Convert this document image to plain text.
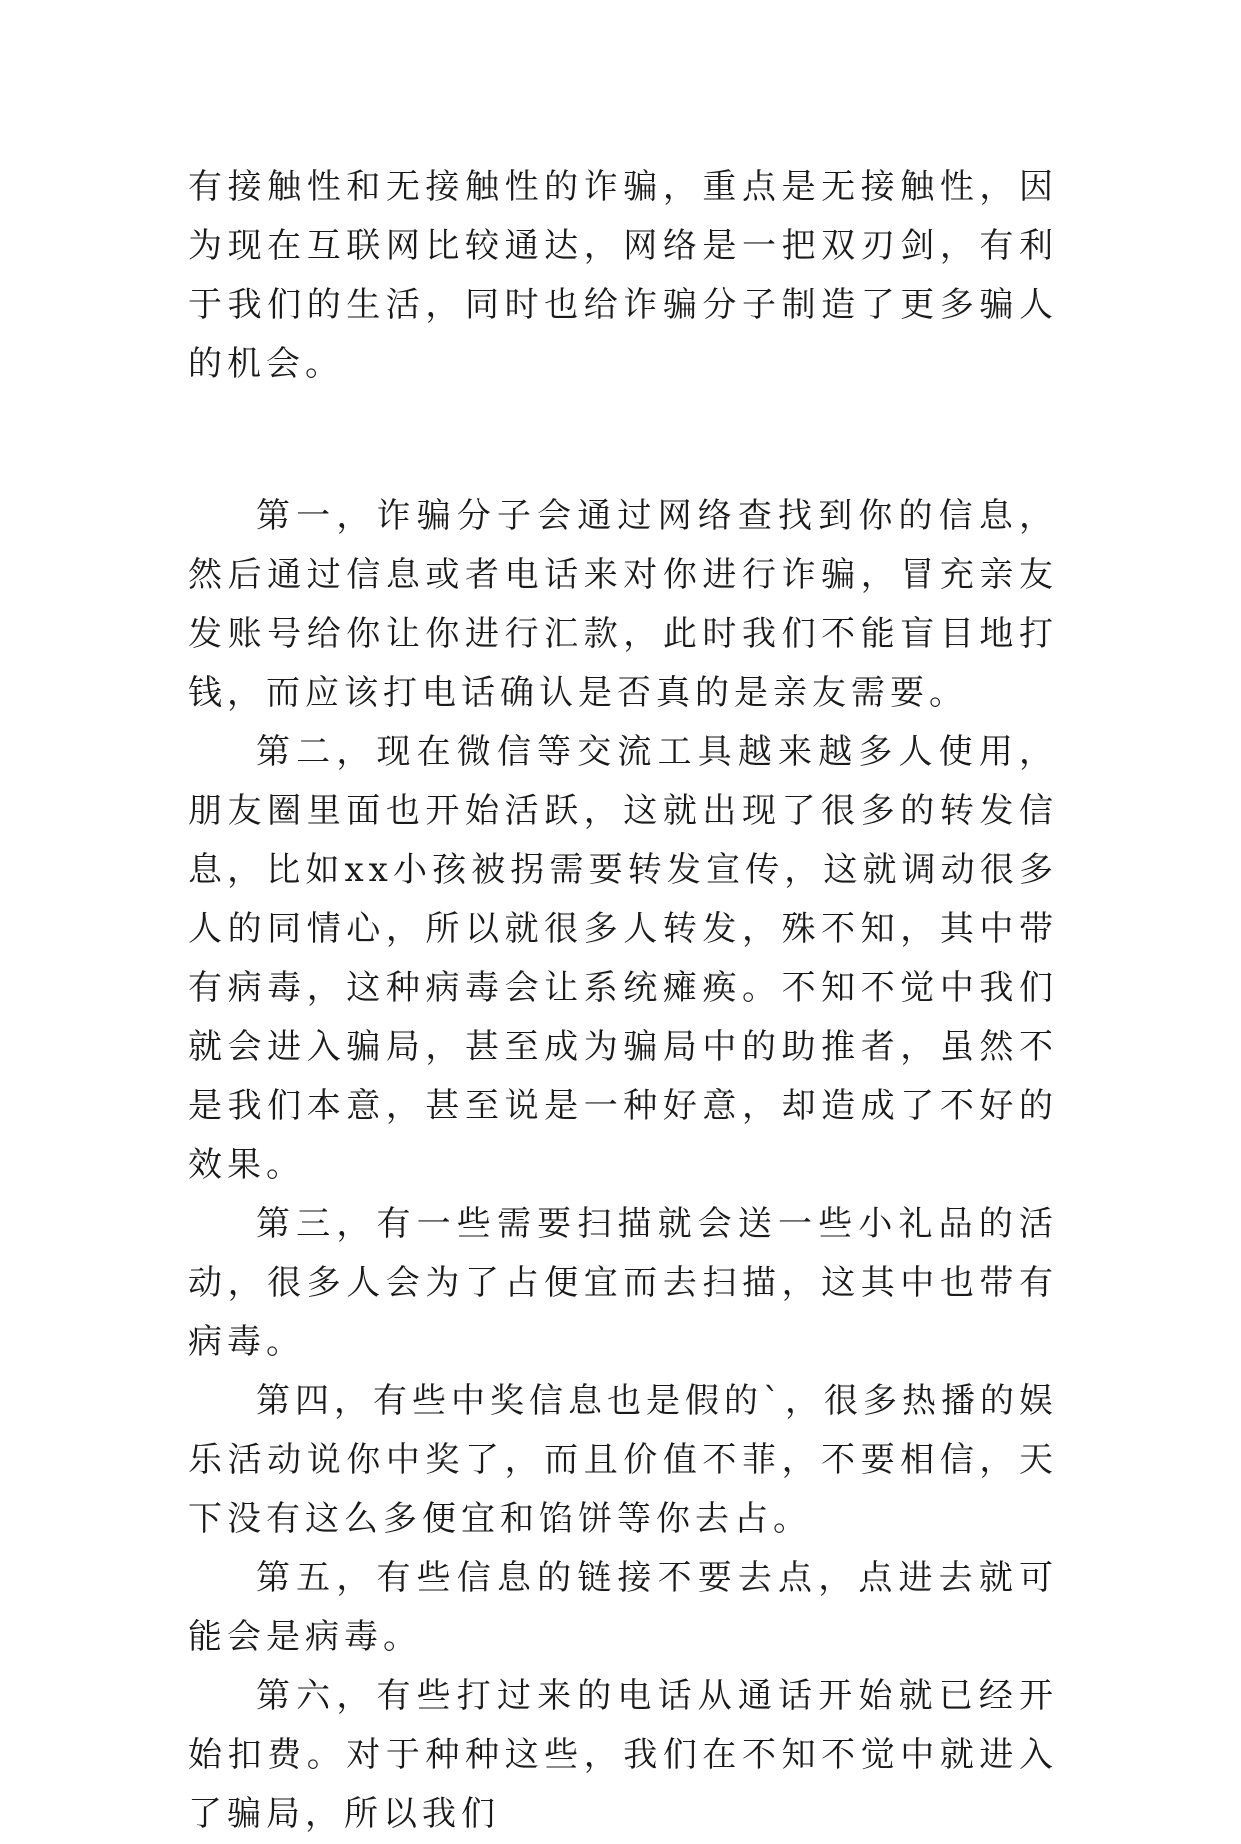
有接触性和无接触性的诈骗，重点是无接触性，因为现在互联网比较通达，网络是一把双刃剑，有利于我们的生活，同时也给诈骗分子制造了更多骗人的机会。

第一，诈骗分子会通过网络查找到你的信息，然后通过信息或者电话来对你进行诈骗，冒充亲友发账号给你让你进行汇款，此时我们不能盲目地打钱，而应该打电话确认是否真的是亲友需要。

第二，现在微信等交流工具越来越多人使用，朋友圈里面也开始活跃，这就出现了很多的转发信息，比如xx小孩被拐需要转发宣传，这就调动很多人的同情心，所以就很多人转发，殊不知，其中带有病毒，这种病毒会让系统瘫痪。不知不觉中我们就会进入骗局，甚至成为骗局中的助推者，虽然不是我们本意，甚至说是一种好意，却造成了不好的效果。

第三，有一些需要扫描就会送一些小礼品的活动，很多人会为了占便宜而去扫描，这其中也带有病毒。

第四，有些中奖信息也是假的`，很多热播的娱乐活动说你中奖了，而且价值不菲，不要相信，天下没有这么多便宜和馅饼等你去占。

第五，有些信息的链接不要去点，点进去就可能会是病毒。

第六，有些打过来的电话从通话开始就已经开始扣费。对于种种这些，我们在不知不觉中就进入了骗局，所以我们
